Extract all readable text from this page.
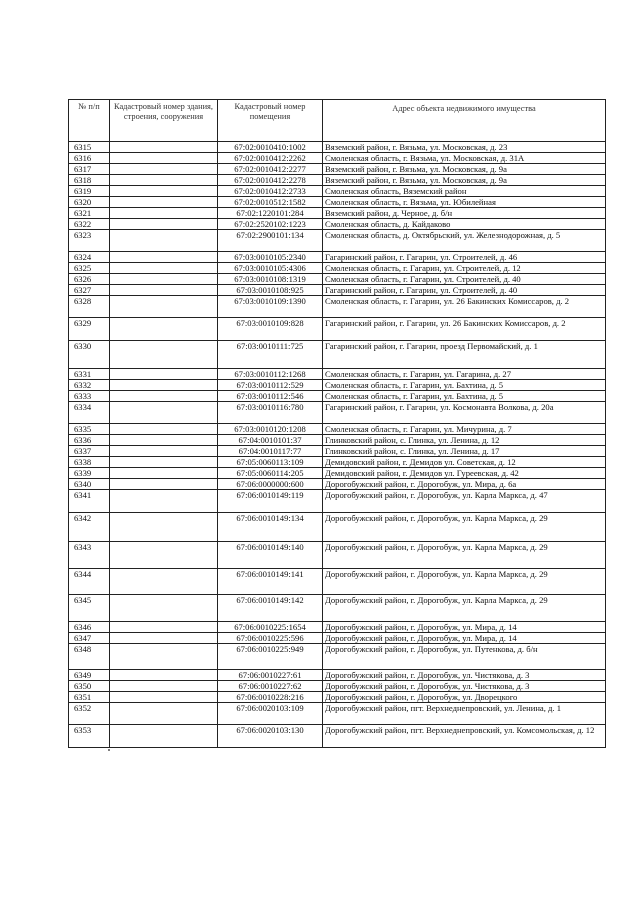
№ п/п	Кадастровый номер здания, строения, сооружения	Кадастровый номер помещения	Адрес объекта недвижимого имущества
6315		67:02:0010410:1002	Вяземский район, г. Вязьма, ул. Московская, д. 23
6316		67:02:0010412:2262	Смоленская область, г. Вязьма, ул. Московская, д. 31А
6317		67:02:0010412:2277	Вяземский район, г. Вязьма, ул. Московская, д. 9а
6318		67:02:0010412:2278	Вяземский район, г. Вязьма, ул. Московская, д. 9а
6319		67:02:0010412:2733	Смоленская область, Вяземский район
6320		67:02:0010512:1582	Смоленская область, г. Вязьма, ул. Юбилейная
6321		67:02:1220101:284	Вяземский район, д. Черное, д. б/н
6322		67:02:2520102:1223	Смоленская область, д. Кайдаково
6323		67:02:2900101:134	Смоленская область, д. Октябрьский, ул. Железнодорожная, д. 5
6324		67:03:0010105:2340	Гагаринский район, г. Гагарин, ул. Строителей, д. 46
6325		67:03:0010105:4306	Смоленская область, г. Гагарин, ул. Строителей, д. 12
6326		67:03:0010108:1319	Смоленская область, г. Гагарин, ул. Строителей, д. 40
6327		67:03:0010108:925	Гагаринский район, г. Гагарин, ул. Строителей, д. 40
6328		67:03:0010109:1390	Смоленская область, г. Гагарин, ул. 26 Бакинских Комиссаров, д. 2
6329		67:03:0010109:828	Гагаринский район, г. Гагарин, ул. 26 Бакинских Комиссаров, д. 2
6330		67:03:0010111:725	Гагаринский район, г. Гагарин, проезд Первомайский, д. 1
6331		67:03:0010112:1268	Смоленская область, г. Гагарин, ул. Гагарина, д. 27
6332		67:03:0010112:529	Смоленская область, г. Гагарин, ул. Бахтина, д. 5
6333		67:03:0010112:546	Смоленская область, г. Гагарин, ул. Бахтина, д. 5
6334		67:03:0010116:780	Гагаринский район, г. Гагарин, ул. Космонавта Волкова, д. 20а
6335		67:03:0010120:1208	Смоленская область, г. Гагарин, ул. Мичурина, д. 7
6336		67:04:0010101:37	Глинковский район, с. Глинка, ул. Ленина, д. 12
6337		67:04:0010117:77	Глинковский район, с. Глинка, ул. Ленина, д. 17
6338		67:05:0060113:109	Демидовский район, г. Демидов ул. Советская, д. 12
6339		67:05:0060114:205	Демидовский район, г. Демидов ул. Гуреевская, д. 42
6340		67:06:0000000:600	Дорогобужский район, г. Дорогобуж, ул. Мира, д. 6а
6341		67:06:0010149:119	Дорогобужский район, г. Дорогобуж, ул. Карла Маркса, д. 47
6342		67:06:0010149:134	Дорогобужский район, г. Дорогобуж, ул. Карла Маркса, д. 29
6343		67:06:0010149:140	Дорогобужский район, г. Дорогобуж, ул. Карла Маркса, д. 29
6344		67:06:0010149:141	Дорогобужский район, г. Дорогобуж, ул. Карла Маркса, д. 29
6345		67:06:0010149:142	Дорогобужский район, г. Дорогобуж, ул. Карла Маркса, д. 29
6346		67:06:0010225:1654	Дорогобужский район, г. Дорогобуж, ул. Мира, д. 14
6347		67:06:0010225:596	Дорогобужский район, г. Дорогобуж, ул. Мира, д. 14
6348		67:06:0010225:949	Дорогобужский район, г. Дорогобуж, ул. Путенкова, д. б/н
6349		67:06:0010227:61	Дорогобужский район, г. Дорогобуж, ул. Чистякова, д. 3
6350		67:06:0010227:62	Дорогобужский район, г. Дорогобуж, ул. Чистякова, д. 3
6351		67:06:0010228:216	Дорогобужский район, г. Дорогобуж, ул. Дворецкого
6352		67:06:0020103:109	Дорогобужский район, пгт. Верхнеднепровский, ул. Ленина, д. 1
6353		67:06:0020103:130	Дорогобужский район, пгт. Верхнеднепровский, ул. Комсомольская, д. 12
